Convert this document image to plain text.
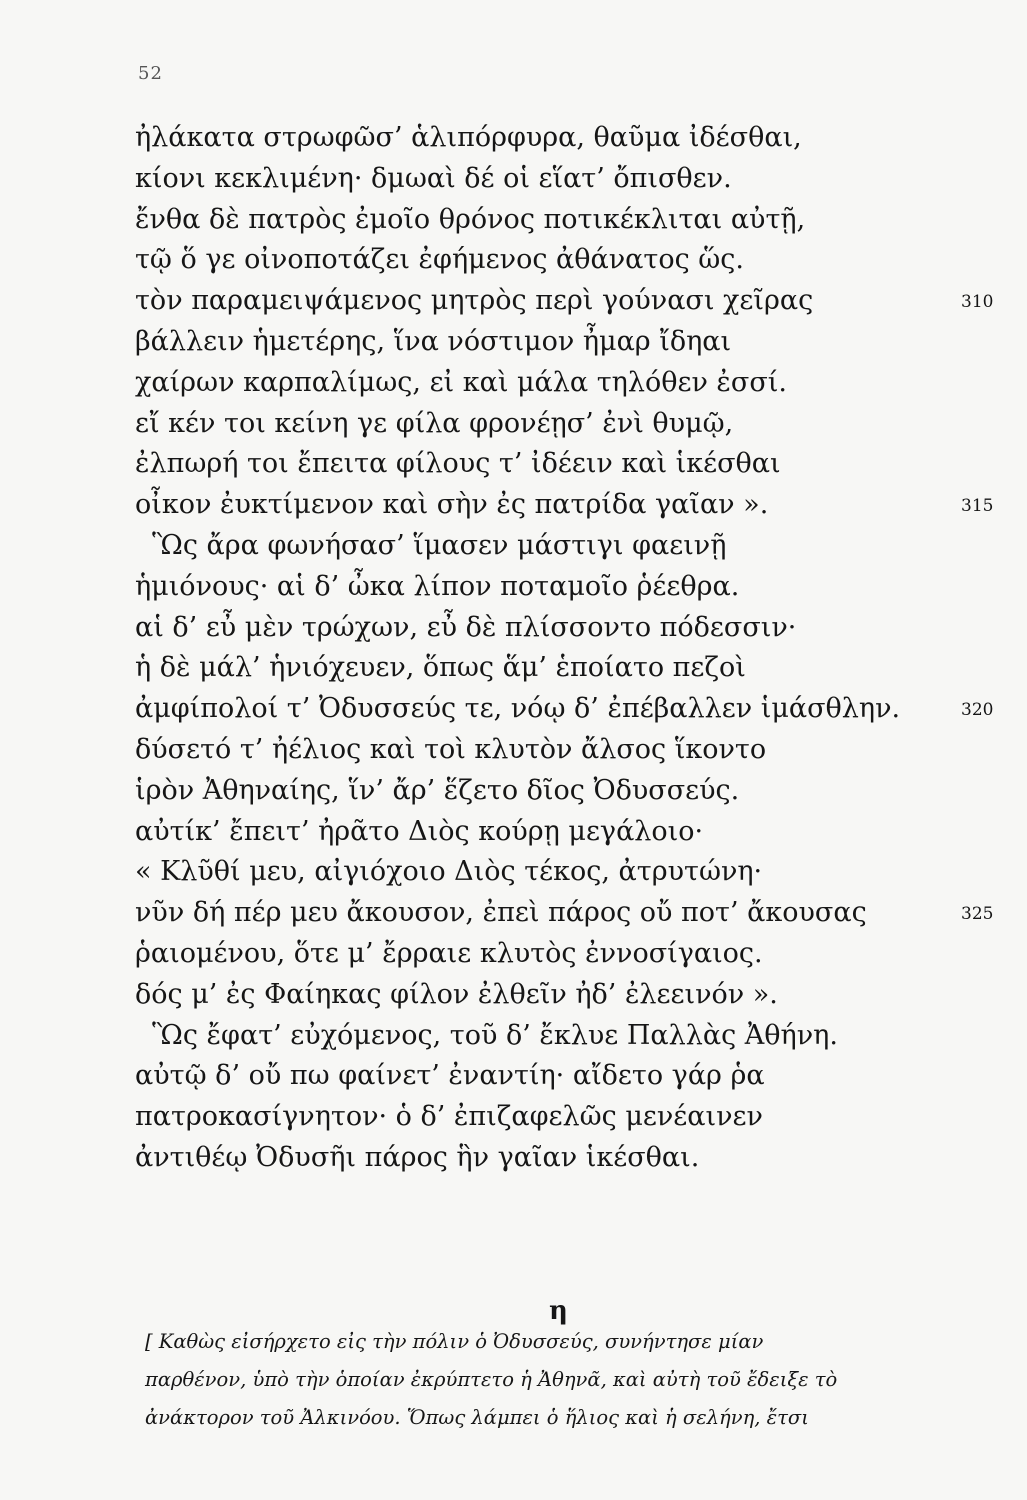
52
ἠλάκατα στρωφῶσ’ ἁλιπόρφυρα, θαῦμα ἰδέσθαι,
κίονι κεκλιμένη· δμωαὶ δέ οἱ εἵατ’ ὄπισθεν.
ἔνθα δὲ πατρὸς ἐμοῖο θρόνος ποτικέκλιται αὐτῇ,
τῷ ὅ γε οἰνοποτάζει ἐφήμενος ἀθάνατος ὥς.
τὸν παραμειψάμενος μητρὸς περὶ γούνασι χεῖρας	310
βάλλειν ἡμετέρης, ἵνα νόστιμον ἦμαρ ἴδηαι
χαίρων καρπαλίμως, εἰ καὶ μάλα τηλόθεν ἐσσί.
εἴ κέν τοι κείνη γε φίλα φρονέῃσ’ ἐνὶ θυμῷ,
ἐλπωρή τοι ἔπειτα φίλους τ’ ἰδέειν καὶ ἱκέσθαι
οἶκον ἐυκτίμενον καὶ σὴν ἐς πατρίδα γαῖαν ».	315
Ὣς ἄρα φωνήσασ’ ἵμασεν μάστιγι φαεινῇ
ἡμιόνους· αἱ δ’ ὦκα λίπον ποταμοῖο ῥέεθρα.
αἱ δ’ εὖ μὲν τρώχων, εὖ δὲ πλίσσοντο πόδεσσιν·
ἡ δὲ μάλ’ ἡνιόχευεν, ὅπως ἅμ’ ἑποίατο πεζοὶ
ἀμφίπολοί τ’ Ὀδυσσεύς τε, νόῳ δ’ ἐπέβαλλεν ἱμάσθλην.	320
δύσετό τ’ ἠέλιος καὶ τοὶ κλυτὸν ἄλσος ἵκοντο
ἱρὸν Ἀθηναίης, ἵν’ ἄρ’ ἕζετο δῖος Ὀδυσσεύς.
αὐτίκ’ ἔπειτ’ ἠρᾶτο Διὸς κούρῃ μεγάλοιο·
« Κλῦθί μευ, αἰγιόχοιο Διὸς τέκος, ἀτρυτώνη·
νῦν δή πέρ μευ ἄκουσον, ἐπεὶ πάρος οὔ ποτ’ ἄκουσας	325
ῥαιομένου, ὅτε μ’ ἔρραιε κλυτὸς ἐννοσίγαιος.
δός μ’ ἐς Φαίηκας φίλον ἐλθεῖν ἠδ’ ἐλεεινόν ».
Ὣς ἔφατ’ εὐχόμενος, τοῦ δ’ ἔκλυε Παλλὰς Ἀθήνη.
αὐτῷ δ’ οὔ πω φαίνετ’ ἐναντίη· αἴδετο γάρ ῥα
πατροκασίγνητον· ὁ δ’ ἐπιζαφελῶς μενέαινεν
ἀντιθέῳ Ὀδυσῆι πάρος ἣν γαῖαν ἱκέσθαι.
η
[ Καθὼς εἰσήρχετο εἰς τὴν πόλιν ὁ Ὀδυσσεύς, συνήντησε μίαν
παρθένον, ὑπὸ τὴν ὁποίαν ἐκρύπτετο ἡ Ἀθηνᾶ, καὶ αὐτὴ τοῦ ἔδειξε τὸ
ἀνάκτορον τοῦ Ἀλκινόου. Ὅπως λάμπει ὁ ἥλιος καὶ ἡ σελήνη, ἔτσι
